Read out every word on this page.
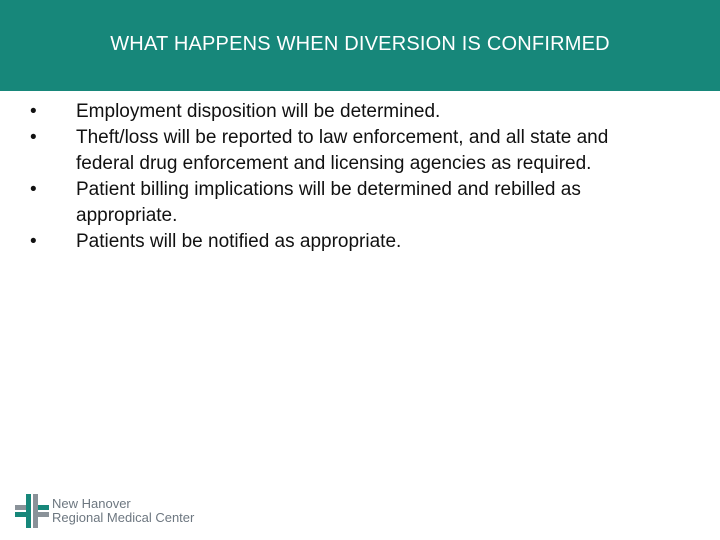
WHAT HAPPENS WHEN DIVERSION IS CONFIRMED
• Employment disposition will be determined.
• Theft/loss will be reported to law enforcement, and all state and federal drug enforcement and licensing agencies as required.
• Patient billing implications will be determined and rebilled as appropriate.
• Patients will be notified as appropriate.
New Hanover
Regional Medical Center
